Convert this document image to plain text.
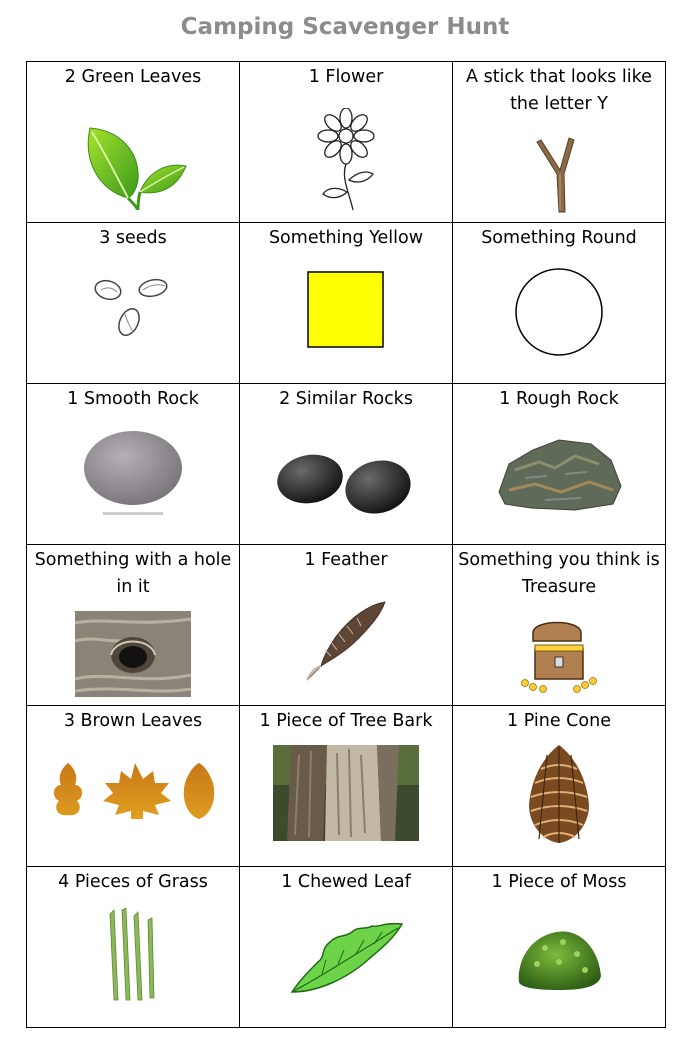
Camping Scavenger Hunt
2 Green Leaves	1 Flower	A stick that looks like the letter Y

3 seeds	Something Yellow	Something Round

1 Smooth Rock	2 Similar Rocks	1 Rough Rock

Something with a hole in it	1 Feather	Something you think is Treasure

3 Brown Leaves	1 Piece of Tree Bark	1 Pine Cone

4 Pieces of Grass	1 Chewed Leaf	1 Piece of Moss
